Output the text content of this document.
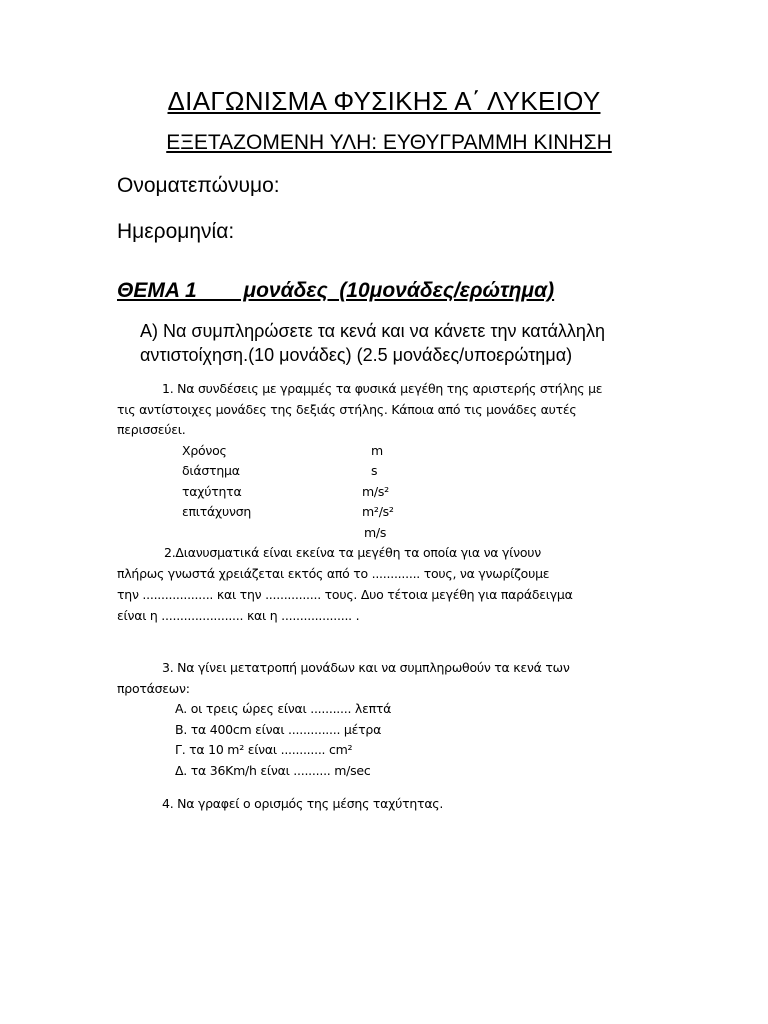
ΔΙΑΓΩΝΙΣΜΑ ΦΥΣΙΚΗΣ Α΄ ΛΥΚΕΙΟΥ
ΕΞΕΤΑΖΟΜΕΝΗ ΥΛΗ: ΕΥΘΥΓΡΑΜΜΗ ΚΙΝΗΣΗ
Ονοματεπώνυμο:
Ημερομηνία:
ΘΕΜΑ 1        μονάδες  (10μονάδες/ερώτημα)
Α) Να συμπληρώσετε τα κενά και να κάνετε την κατάλληλη
αντιστοίχηση.(10 μονάδες) (2.5 μονάδες/υποερώτημα)
1. Να συνδέσεις με γραμμές τα φυσικά μεγέθη της αριστερής στήλης με
τις αντίστοιχες μονάδες της δεξιάς στήλης. Κάποια από τις μονάδες αυτές
περισσεύει.
Χρόνος
διάστημα
ταχύτητα
επιτάχυνση
m
s
m/s²
m²/s²
m/s
2.Διανυσματικά είναι εκείνα τα μεγέθη τα οποία για να γίνουν
πλήρως γνωστά χρειάζεται εκτός από το ............. τους, να γνωρίζουμε
την ................... και την ............... τους. Δυο τέτοια μεγέθη για παράδειγμα
είναι η ...................... και η ................... .
3. Να γίνει μετατροπή μονάδων και να συμπληρωθούν τα κενά των
προτάσεων:
Α. οι τρεις ώρες είναι ........... λεπτά
Β. τα 400cm είναι .............. μέτρα
Γ. τα 10 m² είναι ............ cm²
Δ. τα 36Km/h είναι .......... m/sec
4. Να γραφεί ο ορισμός της μέσης ταχύτητας.
